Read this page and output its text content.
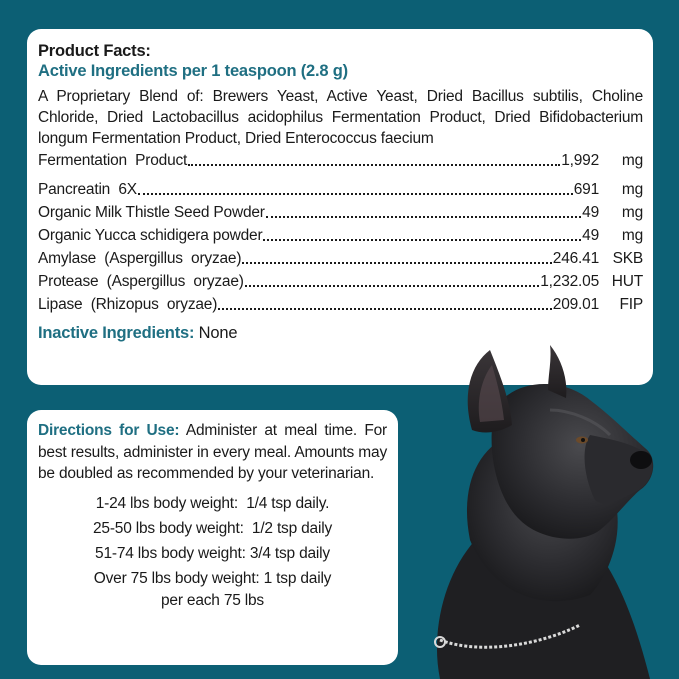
Product Facts:
Active Ingredients per 1 teaspoon (2.8 g)
A Proprietary Blend of: Brewers Yeast, Active Yeast, Dried Bacillus subtilis, Choline Chloride, Dried Lactobacillus acidophilus Fermentation Product, Dried Bifidobacterium longum Fermentation Product, Dried Enterococcus faecium
Fermentation  Product	1,992	mg
Pancreatin  6X	691	mg
Organic Milk Thistle Seed Powder	49	mg
Organic Yucca schidigera powder	49	mg
Amylase  (Aspergillus  oryzae)	246.41 SKB
Protease  (Aspergillus  oryzae)	1,232.05 HUT
Lipase  (Rhizopus  oryzae)	209.01	FIP
Inactive Ingredients: None
Directions for Use: Administer at meal time. For best results, administer in every meal. Amounts may be doubled as recommended by your veterinarian.
1-24 lbs body weight:  1/4 tsp daily.
25-50 lbs body weight:  1/2 tsp daily
51-74 lbs body weight: 3/4 tsp daily
Over 75 lbs body weight: 1 tsp daily
per each 75 lbs
